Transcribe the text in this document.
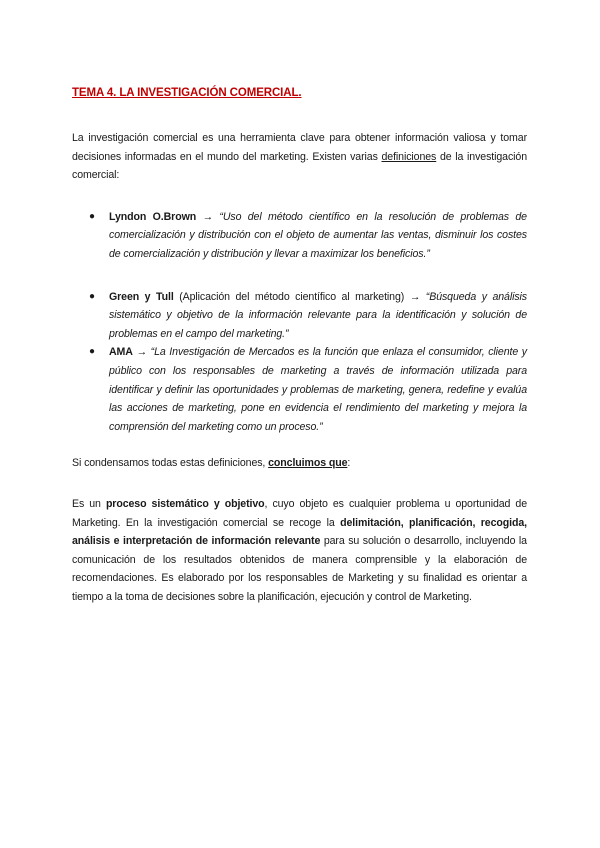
TEMA 4. LA INVESTIGACIÓN COMERCIAL.

La investigación comercial es una herramienta clave para obtener información valiosa y tomar decisiones informadas en el mundo del marketing. Existen varias definiciones de la investigación comercial:

● Lyndon O.Brown → “Uso del método científico en la resolución de problemas de comercialización y distribución con el objeto de aumentar las ventas, disminuir los costes de comercialización y distribución y llevar a maximizar los beneficios.”
● Green y Tull (Aplicación del método científico al marketing) → “Búsqueda y análisis sistemático y objetivo de la información relevante para la identificación y solución de problemas en el campo del marketing.”
● AMA → “La Investigación de Mercados es la función que enlaza el consumidor, cliente y público con los responsables de marketing a través de información utilizada para identificar y definir las oportunidades y problemas de marketing, genera, redefine y evalúa las acciones de marketing, pone en evidencia el rendimiento del marketing y mejora la comprensión del marketing como un proceso.”

Si condensamos todas estas definiciones, concluimos que:

Es un proceso sistemático y objetivo, cuyo objeto es cualquier problema u oportunidad de Marketing. En la investigación comercial se recoge la delimitación, planificación, recogida, análisis e interpretación de información relevante para su solución o desarrollo, incluyendo la comunicación de los resultados obtenidos de manera comprensible y la elaboración de recomendaciones. Es elaborado por los responsables de Marketing y su finalidad es orientar a tiempo a la toma de decisiones sobre la planificación, ejecución y control de Marketing.
